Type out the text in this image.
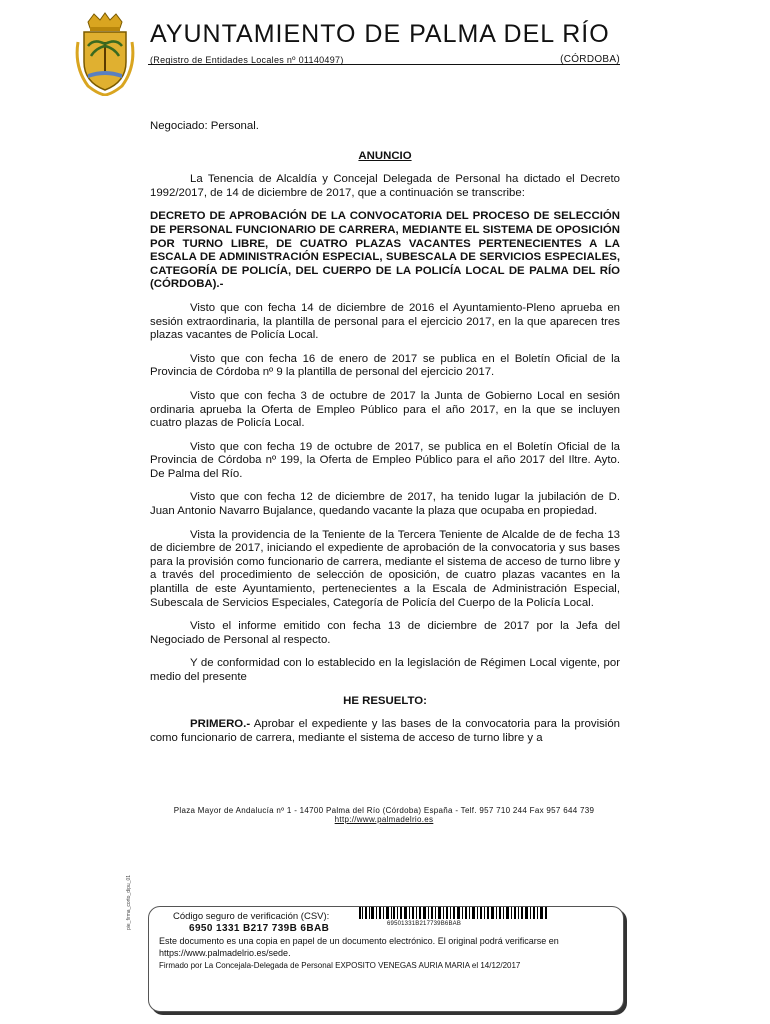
AYUNTAMIENTO DE PALMA DEL RÍO
(Registro de Entidades Locales nº 01140497)	(CÓRDOBA)

Negociado: Personal.

ANUNCIO

La Tenencia de Alcaldía y Concejal Delegada de Personal ha dictado el Decreto 1992/2017, de 14 de diciembre de 2017, que a continuación se transcribe:

DECRETO DE APROBACIÓN DE LA CONVOCATORIA DEL PROCESO DE SELECCIÓN DE PERSONAL FUNCIONARIO DE CARRERA, MEDIANTE EL SISTEMA DE OPOSICIÓN POR TURNO LIBRE, DE CUATRO PLAZAS VACANTES PERTENECIENTES A LA ESCALA DE ADMINISTRACIÓN ESPECIAL, SUBESCALA DE SERVICIOS ESPECIALES, CATEGORÍA DE POLICÍA, DEL CUERPO DE LA POLICÍA LOCAL DE PALMA DEL RÍO (CÓRDOBA).-

Visto que con fecha 14 de diciembre de 2016 el Ayuntamiento-Pleno aprueba en sesión extraordinaria, la plantilla de personal para el ejercicio 2017, en la que aparecen tres plazas vacantes de Policía Local.

Visto que con fecha 16 de enero de 2017 se publica en el Boletín Oficial de la Provincia de Córdoba nº 9 la plantilla de personal del ejercicio 2017.

Visto que con fecha 3 de octubre de 2017 la Junta de Gobierno Local en sesión ordinaria aprueba la Oferta de Empleo Público para el año 2017, en la que se incluyen cuatro plazas de Policía Local.

Visto que con fecha 19 de octubre de 2017, se publica en el Boletín Oficial de la Provincia de Córdoba nº 199, la Oferta de Empleo Público para el año 2017 del Iltre. Ayto. De Palma del Río.

Visto que con fecha 12 de diciembre de 2017, ha tenido lugar la jubilación de D. Juan Antonio Navarro Bujalance, quedando vacante la plaza que ocupaba en propiedad.

Vista la providencia de la Teniente de la Tercera Teniente de Alcalde de de fecha 13 de diciembre de 2017, iniciando el expediente de aprobación de la convocatoria y sus bases para la provisión como funcionario de carrera, mediante el sistema de acceso de turno libre y a través del procedimiento de selección de oposición, de cuatro plazas vacantes en la plantilla de este Ayuntamiento, pertenecientes a la Escala de Administración Especial, Subescala de Servicios Especiales, Categoría de Policía del Cuerpo de la Policía Local.

Visto el informe emitido con fecha 13 de diciembre de 2017 por la Jefa del Negociado de Personal al respecto.

Y de conformidad con lo establecido en la legislación de Régimen Local vigente, por medio del presente

HE RESUELTO:

PRIMERO.- Aprobar el expediente y las bases de la convocatoria para la provisión como funcionario de carrera, mediante el sistema de acceso de turno libre y a

Plaza Mayor de Andalucía nº 1 - 14700 Palma del Río (Córdoba) España - Telf. 957 710 244 Fax 957 644 739
http://www.palmadelrio.es
pie_firma_corto_dipu_01	Código seguro de verificación (CSV):
6950 1331 B217 739B 6BAB	69501331B217739B6BAB
Este documento es una copia en papel de un documento electrónico. El original podrá verificarse en https://www.palmadelrio.es/sede.
Firmado por La Concejala-Delegada de Personal EXPOSITO VENEGAS AURIA MARIA el 14/12/2017
